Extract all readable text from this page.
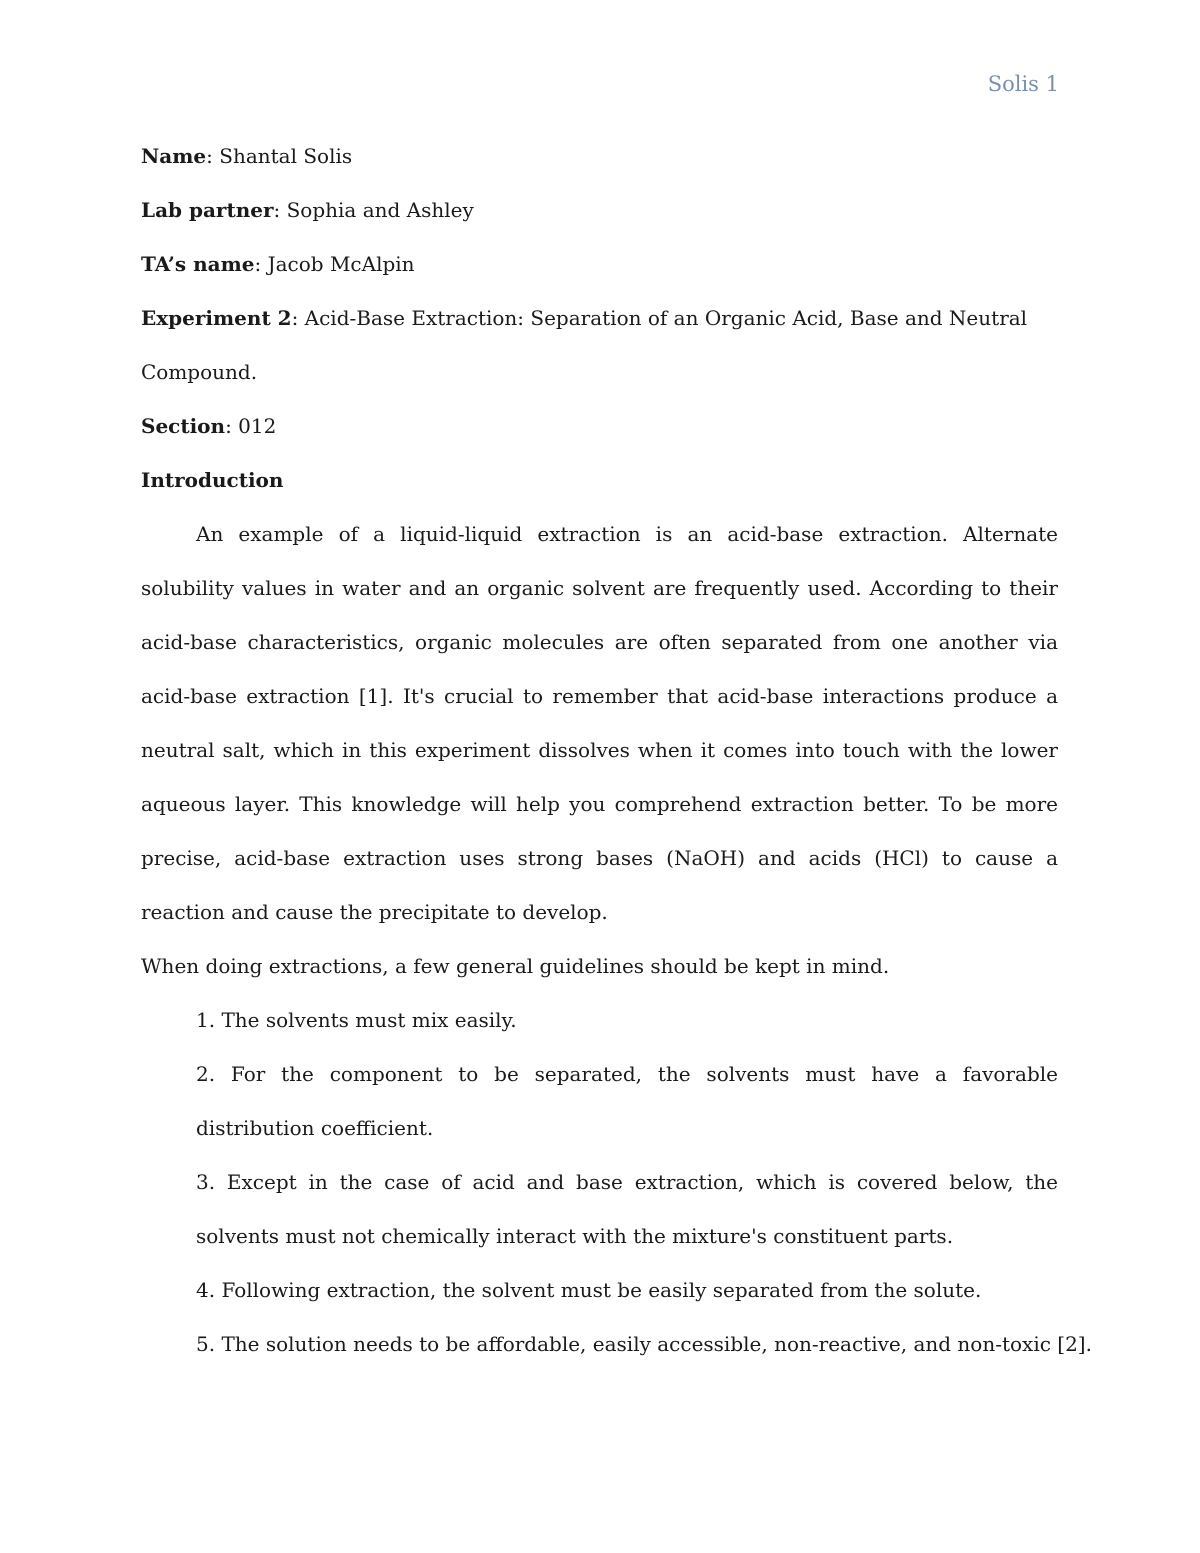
Solis 1

Name: Shantal Solis

Lab partner: Sophia and Ashley

TA’s name: Jacob McAlpin

Experiment 2: Acid-Base Extraction: Separation of an Organic Acid, Base and Neutral

Compound.

Section: 012

Introduction

An example of a liquid-liquid extraction is an acid-base extraction. Alternate solubility values in water and an organic solvent are frequently used. According to their acid-base characteristics, organic molecules are often separated from one another via acid-base extraction [1]. It's crucial to remember that acid-base interactions produce a neutral salt, which in this experiment dissolves when it comes into touch with the lower aqueous layer. This knowledge will help you comprehend extraction better. To be more precise, acid-base extraction uses strong bases (NaOH) and acids (HCl) to cause a reaction and cause the precipitate to develop.

When doing extractions, a few general guidelines should be kept in mind.

1. The solvents must mix easily.

2. For the component to be separated, the solvents must have a favorable distribution coefficient.

3. Except in the case of acid and base extraction, which is covered below, the solvents must not chemically interact with the mixture's constituent parts.

4. Following extraction, the solvent must be easily separated from the solute.

5. The solution needs to be affordable, easily accessible, non-reactive, and non-toxic [2].
